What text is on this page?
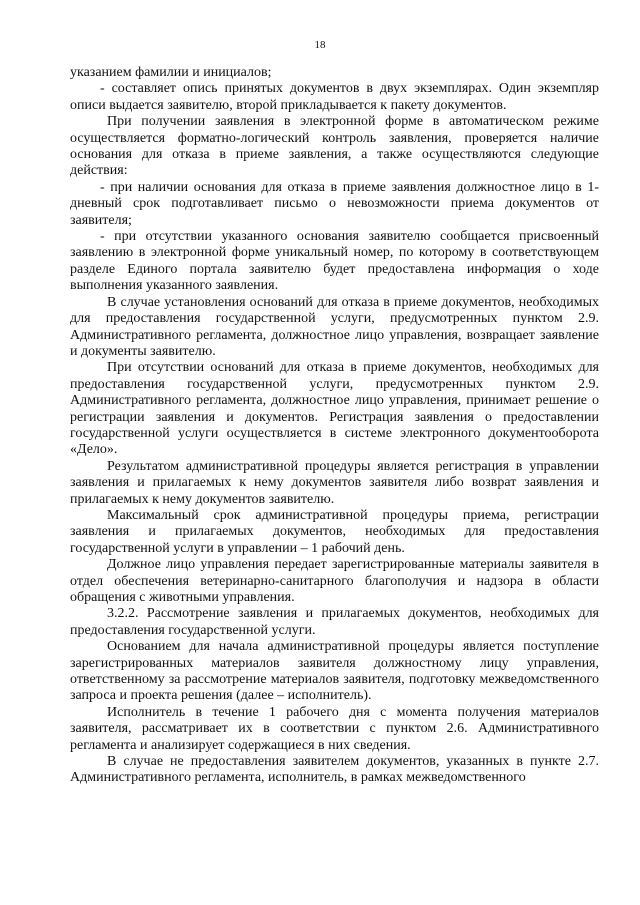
18

указанием фамилии и инициалов;

- составляет опись принятых документов в двух экземплярах. Один экземпляр описи выдается заявителю, второй прикладывается к пакету документов.

При получении заявления в электронной форме в автоматическом режиме осуществляется форматно-логический контроль заявления, проверяется наличие основания для отказа в приеме заявления, а также осуществляются следующие действия:

- при наличии основания для отказа в приеме заявления должностное лицо в 1-дневный срок подготавливает письмо о невозможности приема документов от заявителя;

- при отсутствии указанного основания заявителю сообщается присвоенный заявлению в электронной форме уникальный номер, по которому в соответствующем разделе Единого портала заявителю будет предоставлена информация о ходе выполнения указанного заявления.

В случае установления оснований для отказа в приеме документов, необходимых для предоставления государственной услуги, предусмотренных пунктом 2.9. Административного регламента, должностное лицо управления, возвращает заявление и документы заявителю.

При отсутствии оснований для отказа в приеме документов, необходимых для предоставления государственной услуги, предусмотренных пунктом 2.9. Административного регламента, должностное лицо управления, принимает решение о регистрации заявления и документов. Регистрация заявления о предоставлении государственной услуги осуществляется в системе электронного документооборота «Дело».

Результатом административной процедуры является регистрация в управлении заявления и прилагаемых к нему документов заявителя либо возврат заявления и прилагаемых к нему документов заявителю.

Максимальный срок административной процедуры приема, регистрации заявления и прилагаемых документов, необходимых для предоставления государственной услуги в управлении – 1 рабочий день.

Должное лицо управления передает зарегистрированные материалы заявителя в отдел обеспечения ветеринарно-санитарного благополучия и надзора в области обращения с животными управления.

3.2.2. Рассмотрение заявления и прилагаемых документов, необходимых для предоставления государственной услуги.

Основанием для начала административной процедуры является поступление зарегистрированных материалов заявителя должностному лицу управления, ответственному за рассмотрение материалов заявителя, подготовку межведомственного запроса и проекта решения (далее – исполнитель).

Исполнитель в течение 1 рабочего дня с момента получения материалов заявителя, рассматривает их в соответствии с пунктом 2.6. Административного регламента и анализирует содержащиеся в них сведения.

В случае не предоставления заявителем документов, указанных в пункте 2.7. Административного регламента, исполнитель, в рамках межведомственного
